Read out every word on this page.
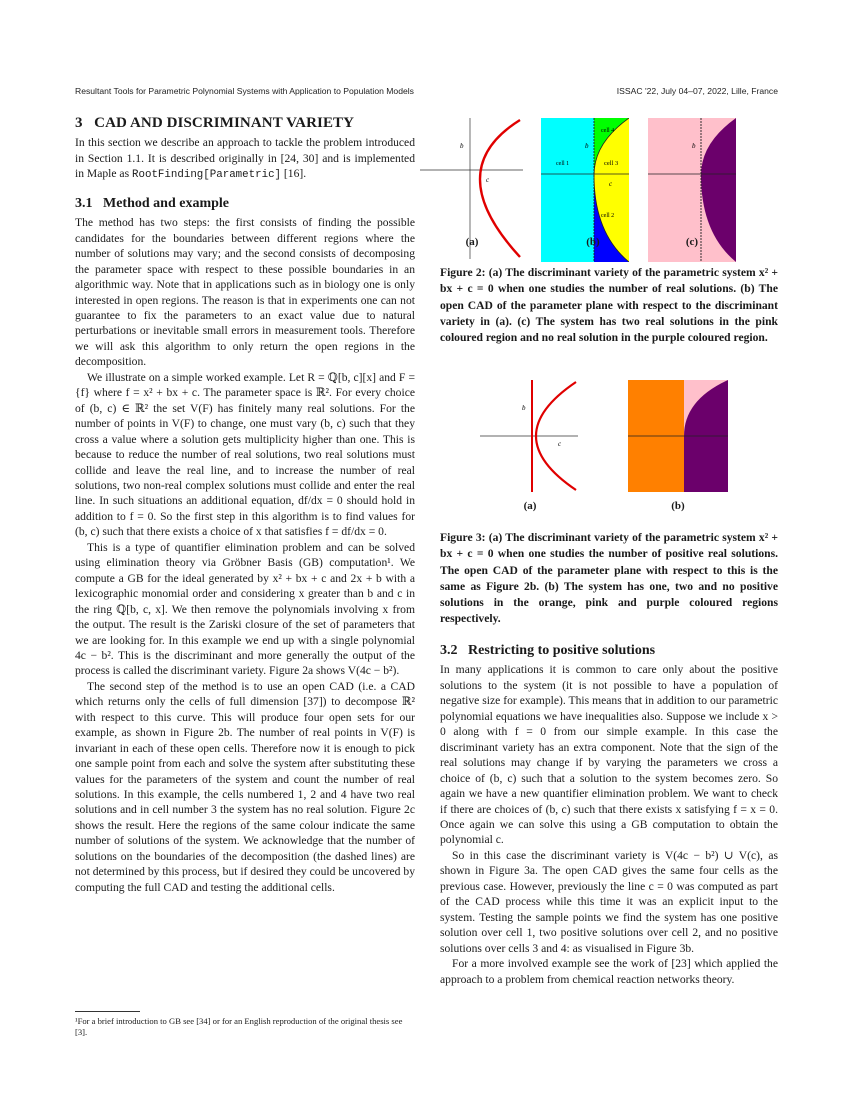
Resultant Tools for Parametric Polynomial Systems with Application to Population Models	ISSAC '22, July 04–07, 2022, Lille, France
3   CAD AND DISCRIMINANT VARIETY

In this section we describe an approach to tackle the problem introduced in Section 1.1. It is described originally in [24, 30] and is implemented in Maple as RootFinding[Parametric] [16].

3.1   Method and example

The method has two steps: the first consists of finding the possible candidates for the boundaries between different regions where the number of solutions may vary; and the second consists of decomposing the parameter space with respect to these possible boundaries in an algorithmic way. Note that in applications such as in biology one is only interested in open regions. The reason is that in experiments one can not guarantee to fix the parameters to an exact value due to natural perturbations or inevitable small errors in measurement tools. Therefore we will ask this algorithm to only return the open regions in the decomposition.

We illustrate on a simple worked example. Let R = ℚ[b, c][x] and F = {f} where f = x² + bx + c. The parameter space is ℝ². For every choice of (b, c) ∈ ℝ² the set V(F) has finitely many real solutions. For the number of points in V(F) to change, one must vary (b, c) such that they cross a value where a solution gets multiplicity higher than one. This is because to reduce the number of real solutions, two real solutions must collide and leave the real line, and to increase the number of real solutions, two non-real complex solutions must collide and enter the real line. In such situations an additional equation, df/dx = 0 should hold in addition to f = 0. So the first step in this algorithm is to find values for (b, c) such that there exists a choice of x that satisfies f = df/dx = 0.

This is a type of quantifier elimination problem and can be solved using elimination theory via Gröbner Basis (GB) computation¹. We compute a GB for the ideal generated by x² + bx + c and 2x + b with a lexicographic monomial order and considering x greater than b and c in the ring ℚ[b, c, x]. We then remove the polynomials involving x from the output. The result is the Zariski closure of the set of parameters that we are looking for. In this example we end up with a single polynomial 4c − b². This is the discriminant and more generally the output of the process is called the discriminant variety. Figure 2a shows V(4c − b²).

The second step of the method is to use an open CAD (i.e. a CAD which returns only the cells of full dimension [37]) to decompose ℝ² with respect to this curve. This will produce four open sets for our example, as shown in Figure 2b. The number of real points in V(F) is invariant in each of these open cells. Therefore now it is enough to pick one sample point from each and solve the system after substituting these values for the parameters of the system and count the number of real solutions. In this example, the cells numbered 1, 2 and 4 have two real solutions and in cell number 3 the system has no real solution. Figure 2c shows the result. Here the regions of the same colour indicate the same number of solutions of the system. We acknowledge that the number of solutions on the boundaries of the decomposition (the dashed lines) are not determined by this process, but if desired they could be uncovered by computing the full CAD and testing the additional cells.

¹For a brief introduction to GB see [34] or for an English reproduction of the original thesis see [3].
b
c
cell 1
cell 2
cell 3
cell 4
b
c
b
(a)	(b)	(c)
Figure 2: (a) The discriminant variety of the parametric system x² + bx + c = 0 when one studies the number of real solutions. (b) The open CAD of the parameter plane with respect to the discriminant variety in (a). (c) The system has two real solutions in the pink coloured region and no real solution in the purple coloured region.
b
c
(a)	(b)
Figure 3: (a) The discriminant variety of the parametric system x² + bx + c = 0 when one studies the number of positive real solutions. The open CAD of the parameter plane with respect to this is the same as Figure 2b. (b) The system has one, two and no positive solutions in the orange, pink and purple coloured regions respectively.
3.2   Restricting to positive solutions

In many applications it is common to care only about the positive solutions to the system (it is not possible to have a population of negative size for example). This means that in addition to our parametric polynomial equations we have inequalities also. Suppose we include x > 0 along with f = 0 from our simple example. In this case the discriminant variety has an extra component. Note that the sign of the real solutions may change if by varying the parameters we cross a choice of (b, c) such that a solution to the system becomes zero. So again we have a new quantifier elimination problem. We want to check if there are choices of (b, c) such that there exists x satisfying f = x = 0. Once again we can solve this using a GB computation to obtain the polynomial c.

So in this case the discriminant variety is V(4c − b²) ∪ V(c), as shown in Figure 3a. The open CAD gives the same four cells as the previous case. However, previously the line c = 0 was computed as part of the CAD process while this time it was an explicit input to the system. Testing the sample points we find the system has one positive solution over cell 1, two positive solutions over cell 2, and no positive solutions over cells 3 and 4: as visualised in Figure 3b.

For a more involved example see the work of [23] which applied the approach to a problem from chemical reaction networks theory.
